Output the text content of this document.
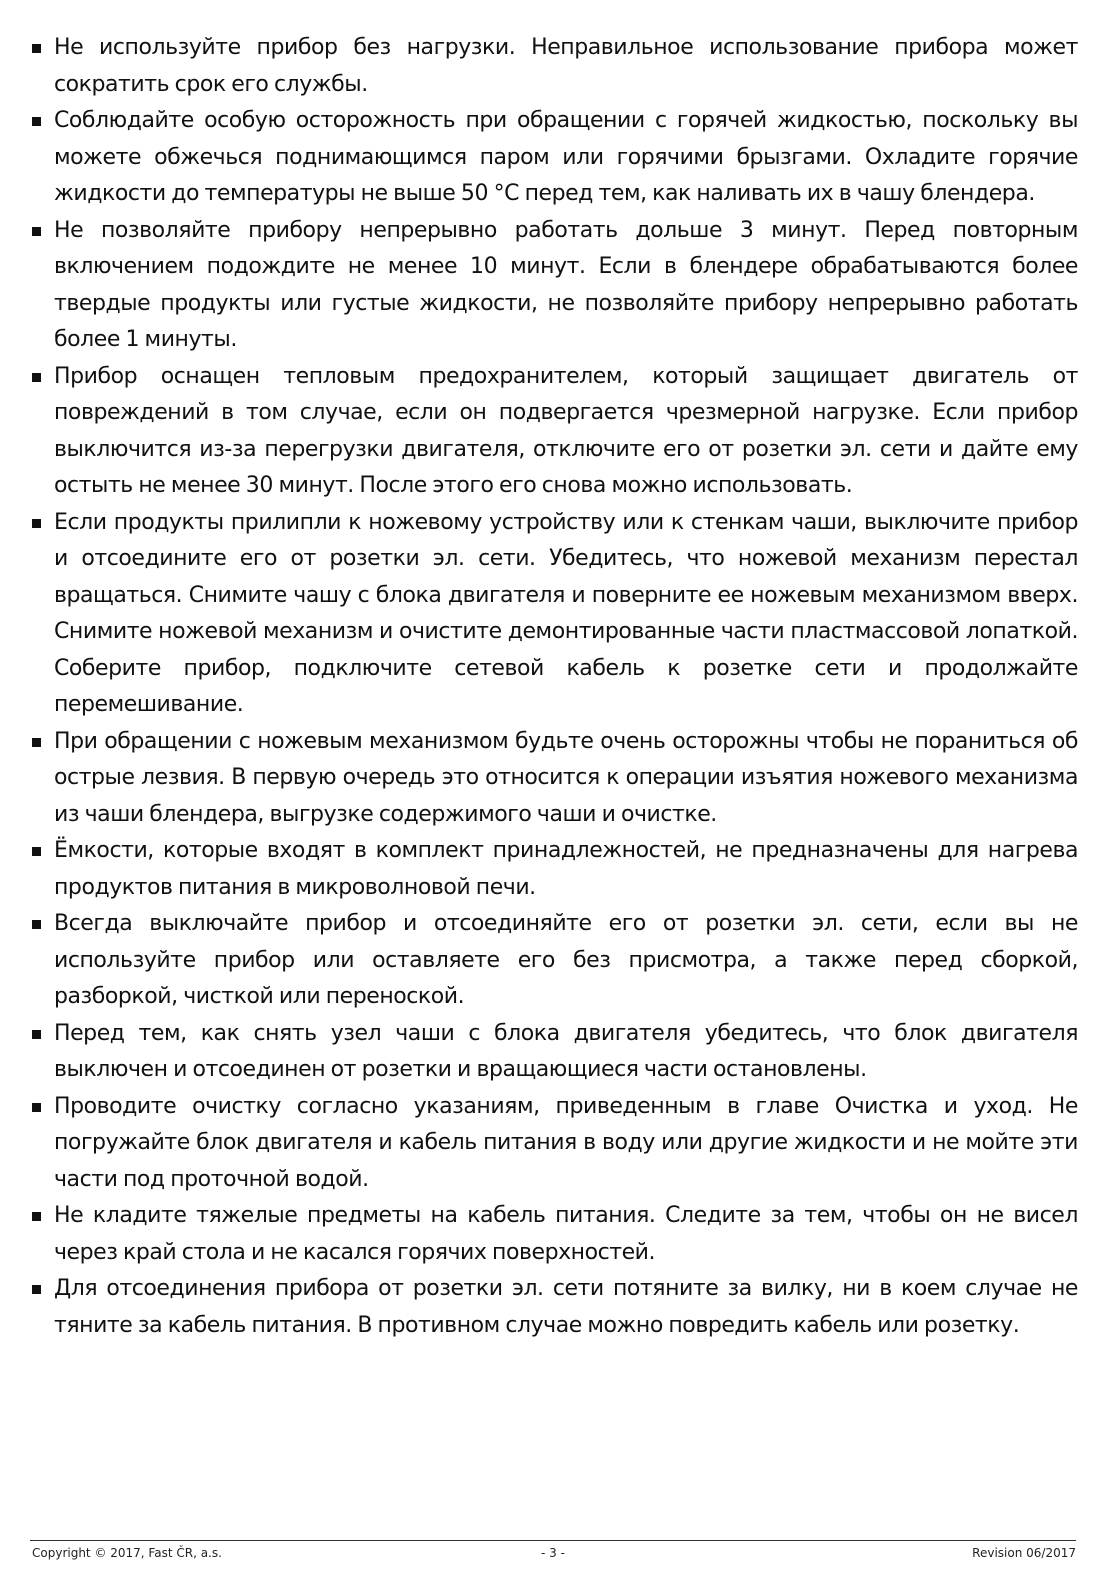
Не используйте прибор без нагрузки. Неправильное использование прибора может сократить срок его службы.
Соблюдайте особую осторожность при обращении с горячей жидкостью, поскольку вы можете обжечься поднимающимся паром или горячими брызгами. Охладите горячие жидкости до температуры не выше 50 °C перед тем, как наливать их в чашу блендера.
Не позволяйте прибору непрерывно работать дольше 3 минут. Перед повторным включением подождите не менее 10 минут. Если в блендере обрабатываются более твердые продукты или густые жидкости, не позволяйте прибору непрерывно работать более 1 минуты.
Прибор оснащен тепловым предохранителем, который защищает двигатель от повреждений в том случае, если он подвергается чрезмерной нагрузке. Если прибор выключится из-за перегрузки двигателя, отключите его от розетки эл. сети и дайте ему остыть не менее 30 минут. После этого его снова можно использовать.
Если продукты прилипли к ножевому устройству или к стенкам чаши, выключите прибор и отсоедините его от розетки эл. сети. Убедитесь, что ножевой механизм перестал вращаться. Снимите чашу с блока двигателя и поверните ее ножевым механизмом вверх. Снимите ножевой механизм и очистите демонтированные части пластмассовой лопаткой. Соберите прибор, подключите сетевой кабель к розетке сети и продолжайте перемешивание.
При обращении с ножевым механизмом будьте очень осторожны чтобы не пораниться об острые лезвия. В первую очередь это относится к операции изъятия ножевого механизма из чаши блендера, выгрузке содержимого чаши и очистке.
Ёмкости, которые входят в комплект принадлежностей, не предназначены для нагрева продуктов питания в микроволновой печи.
Всегда выключайте прибор и отсоединяйте его от розетки эл. сети, если вы не используйте прибор или оставляете его без присмотра, а также перед сборкой, разборкой, чисткой или переноской.
Перед тем, как снять узел чаши с блока двигателя убедитесь, что блок двигателя выключен и отсоединен от розетки и вращающиеся части остановлены.
Проводите очистку согласно указаниям, приведенным в главе Очистка и уход. Не погружайте блок двигателя и кабель питания в воду или другие жидкости и не мойте эти части под проточной водой.
Не кладите тяжелые предметы на кабель питания. Следите за тем, чтобы он не висел через край стола и не касался горячих поверхностей.
Для отсоединения прибора от розетки эл. сети потяните за вилку, ни в коем случае не тяните за кабель питания. В противном случае можно повредить кабель или розетку.
Copyright © 2017, Fast ČR, a.s.	- 3 -	Revision 06/2017
